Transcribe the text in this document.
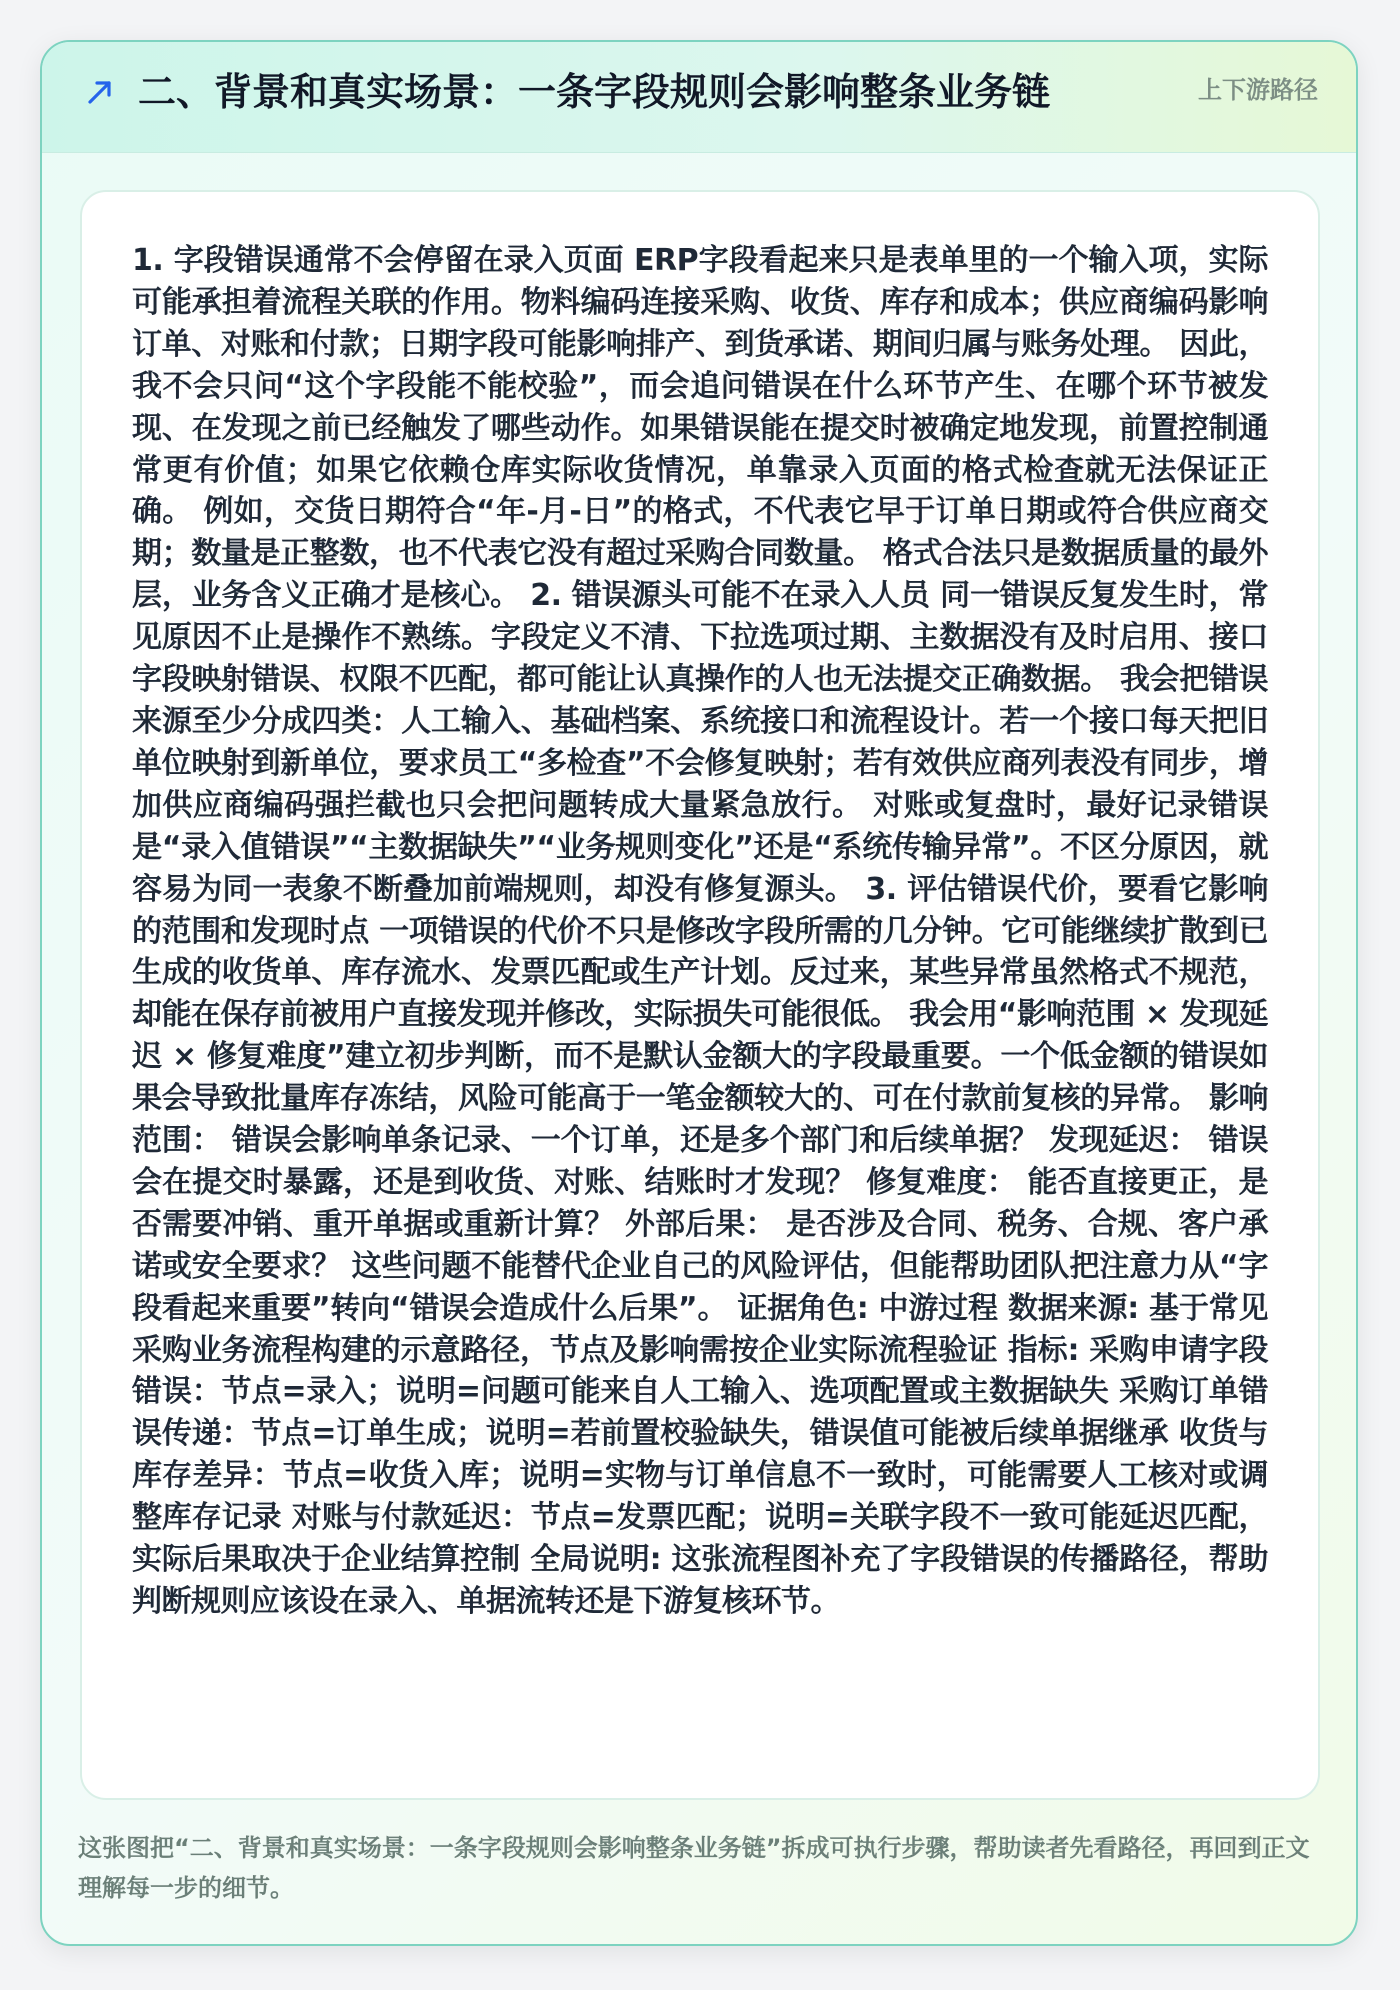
二、背景和真实场景：一条字段规则会影响整条业务链	上下游路径

1. 字段错误通常不会停留在录入页面 ERP字段看起来只是表单里的一个输入项，实际可能承担着流程关联的作用。物料编码连接采购、收货、库存和成本；供应商编码影响订单、对账和付款；日期字段可能影响排产、到货承诺、期间归属与账务处理。 因此，我不会只问“这个字段能不能校验”，而会追问错误在什么环节产生、在哪个环节被发现、在发现之前已经触发了哪些动作。如果错误能在提交时被确定地发现，前置控制通常更有价值；如果它依赖仓库实际收货情况，单靠录入页面的格式检查就无法保证正确。 例如，交货日期符合“年-月-日”的格式，不代表它早于订单日期或符合供应商交期；数量是正整数，也不代表它没有超过采购合同数量。 格式合法只是数据质量的最外层，业务含义正确才是核心。 2. 错误源头可能不在录入人员 同一错误反复发生时，常见原因不止是操作不熟练。字段定义不清、下拉选项过期、主数据没有及时启用、接口字段映射错误、权限不匹配，都可能让认真操作的人也无法提交正确数据。 我会把错误来源至少分成四类：人工输入、基础档案、系统接口和流程设计。若一个接口每天把旧单位映射到新单位，要求员工“多检查”不会修复映射；若有效供应商列表没有同步，增加供应商编码强拦截也只会把问题转成大量紧急放行。 对账或复盘时，最好记录错误是“录入值错误”“主数据缺失”“业务规则变化”还是“系统传输异常”。不区分原因，就容易为同一表象不断叠加前端规则，却没有修复源头。 3. 评估错误代价，要看它影响的范围和发现时点 一项错误的代价不只是修改字段所需的几分钟。它可能继续扩散到已生成的收货单、库存流水、发票匹配或生产计划。反过来，某些异常虽然格式不规范，却能在保存前被用户直接发现并修改，实际损失可能很低。 我会用“影响范围 × 发现延迟 × 修复难度”建立初步判断，而不是默认金额大的字段最重要。一个低金额的错误如果会导致批量库存冻结，风险可能高于一笔金额较大的、可在付款前复核的异常。 影响范围： 错误会影响单条记录、一个订单，还是多个部门和后续单据？ 发现延迟： 错误会在提交时暴露，还是到收货、对账、结账时才发现？ 修复难度： 能否直接更正，是否需要冲销、重开单据或重新计算？ 外部后果： 是否涉及合同、税务、合规、客户承诺或安全要求？ 这些问题不能替代企业自己的风险评估，但能帮助团队把注意力从“字段看起来重要”转向“错误会造成什么后果”。 证据角色: 中游过程 数据来源: 基于常见采购业务流程构建的示意路径，节点及影响需按企业实际流程验证 指标: 采购申请字段错误：节点=录入；说明=问题可能来自人工输入、选项配置或主数据缺失 采购订单错误传递：节点=订单生成；说明=若前置校验缺失，错误值可能被后续单据继承 收货与库存差异：节点=收货入库；说明=实物与订单信息不一致时，可能需要人工核对或调整库存记录 对账与付款延迟：节点=发票匹配；说明=关联字段不一致可能延迟匹配，实际后果取决于企业结算控制 全局说明: 这张流程图补充了字段错误的传播路径，帮助判断规则应该设在录入、单据流转还是下游复核环节。

这张图把“二、背景和真实场景：一条字段规则会影响整条业务链”拆成可执行步骤，帮助读者先看路径，再回到正文理解每一步的细节。
